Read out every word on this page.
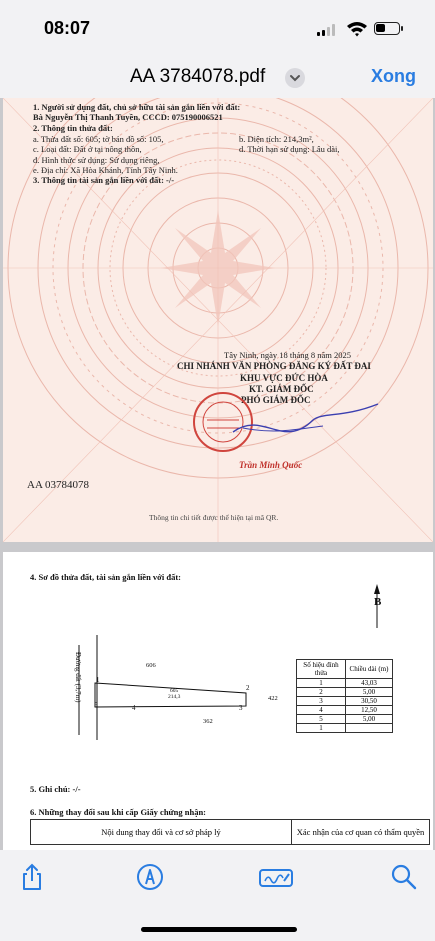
08:07
AA 3784078.pdf	Xong
1. Người sử dụng đất, chủ sở hữu tài sản gắn liền với đất:
Bà Nguyễn Thị Thanh Tuyền, CCCD: 075190006521
2. Thông tin thửa đất:
a. Thửa đất số: 605; tờ bản đồ số: 105,	b. Diện tích: 214,3m²,
c. Loại đất: Đất ở tại nông thôn,	d. Thời hạn sử dụng: Lâu dài,
đ. Hình thức sử dụng: Sử dụng riêng,
e. Địa chỉ: Xã Hòa Khánh, Tỉnh Tây Ninh.
3. Thông tin tài sản gắn liền với đất: -/-
Tây Ninh, ngày 18 tháng 8 năm 2025
CHI NHÁNH VĂN PHÒNG ĐĂNG KÝ ĐẤT ĐAI
KHU VỰC ĐỨC HÒA
KT. GIÁM ĐỐC
PHÓ GIÁM ĐỐC
Trần Minh Quốc
AA 03784078
Thông tin chi tiết được thể hiện tại mã QR.
4. Sơ đồ thửa đất, tài sản gắn liền với đất:
B
Đường đất (3,7m)	606
605
214,3	422
362
1
2
3
4
5
Số hiệu đỉnh thửa	Chiều dài (m)
1	43,03
2	5,00
3	30,50
4	12,50
5	5,00
1	
5. Ghi chú: -/-
6. Những thay đổi sau khi cấp Giấy chứng nhận:
Nội dung thay đổi và cơ sở pháp lý	Xác nhận của cơ quan có thẩm quyền
